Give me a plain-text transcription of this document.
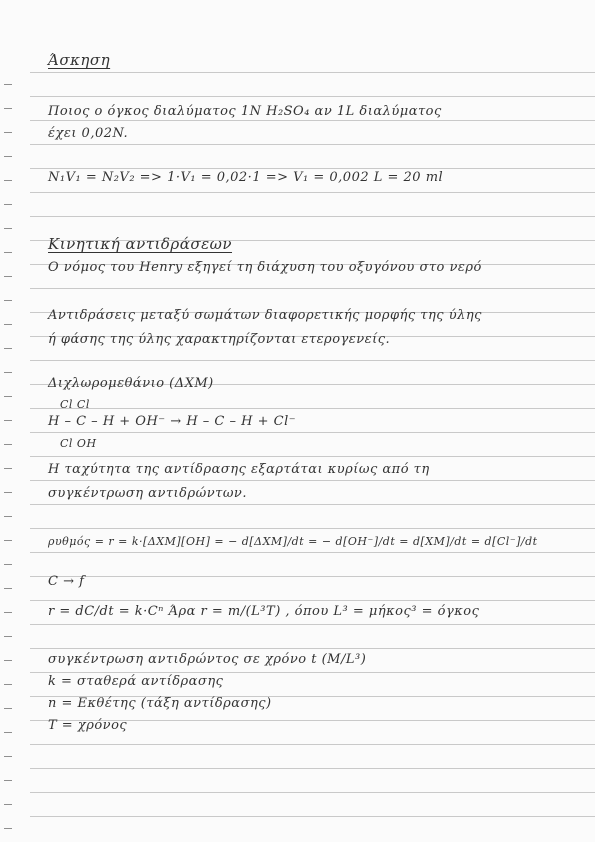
Άσκηση
Ποιος ο όγκος διαλύματος 1N H₂SO₄ αν 1L διαλύματος
έχει 0,02N.
N₁V₁ = N₂V₂ => 1·V₁ = 0,02·1 => V₁ = 0,002 L = 20 ml
Κινητική αντιδράσεων
Ο νόμος του Henry εξηγεί τη διάχυση του οξυγόνου στο νερό
Αντιδράσεις μεταξύ σωμάτων διαφορετικής μορφής της ύλης
ή φάσης της ύλης χαρακτηρίζονται ετερογενείς.
Διχλωρομεθάνιο (ΔΧΜ)
Cl Cl
H – C – H + OH⁻ → H – C – H + Cl⁻
Cl OH
Η ταχύτητα της αντίδρασης εξαρτάται κυρίως από τη
συγκέντρωση αντιδρώντων.
ρυθμός = r = k·[ΔΧΜ][OH] = − d[ΔΧΜ]/dt = − d[OH⁻]/dt = d[ΧΜ]/dt = d[Cl⁻]/dt
C → f
r = dC/dt = k·Cⁿ Άρα r = m/(L³T) , όπου L³ = μήκος³ = όγκος
συγκέντρωση αντιδρώντος σε χρόνο t (M/L³)
k = σταθερά αντίδρασης
n = Εκθέτης (τάξη αντίδρασης)
T = χρόνος
